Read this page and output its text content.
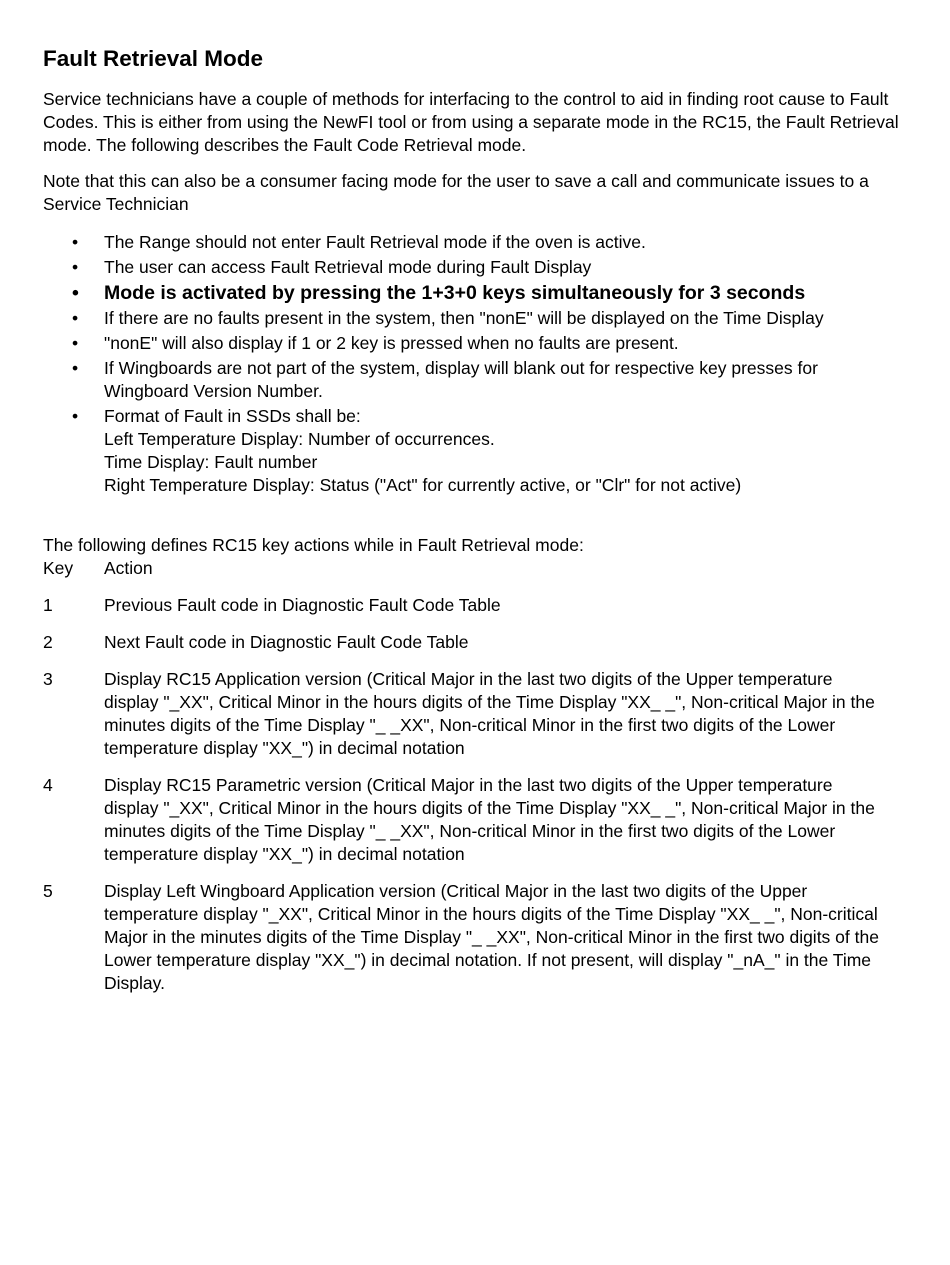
Fault Retrieval Mode

Service technicians have a couple of methods for interfacing to the control to aid in finding root cause to Fault Codes. This is either from using the NewFI tool or from using a separate mode in the RC15, the Fault Retrieval mode. The following describes the Fault Code Retrieval mode.

Note that this can also be a consumer facing mode for the user to save a call and communicate issues to a Service Technician

• The Range should not enter Fault Retrieval mode if the oven is active.
• The user can access Fault Retrieval mode during Fault Display
• Mode is activated by pressing the 1+3+0 keys simultaneously for 3 seconds
• If there are no faults present in the system, then "nonE" will be displayed on the Time Display
• "nonE" will also display if 1 or 2 key is pressed when no faults are present.
• If Wingboards are not part of the system, display will blank out for respective key presses for Wingboard Version Number.
• Format of Fault in SSDs shall be:
Left Temperature Display: Number of occurrences.
Time Display: Fault number
Right Temperature Display: Status ("Act" for currently active, or "Clr" for not active)

The following defines RC15 key actions while in Fault Retrieval mode:

Key	Action
1	Previous Fault code in Diagnostic Fault Code Table
2	Next Fault code in Diagnostic Fault Code Table
3	Display RC15 Application version (Critical Major in the last two digits of the Upper temperature
display "_XX", Critical Minor in the hours digits of the Time Display "XX_ _", Non-critical Major in the minutes digits of the Time Display "_ _XX", Non-critical Minor in the first two digits of the Lower temperature display "XX_") in decimal notation
4	Display RC15 Parametric version (Critical Major in the last two digits of the Upper temperature
display "_XX", Critical Minor in the hours digits of the Time Display "XX_ _", Non-critical Major in the minutes digits of the Time Display "_ _XX", Non-critical Minor in the first two digits of the Lower temperature display "XX_") in decimal notation
5	Display Left Wingboard Application version (Critical Major in the last two digits of the Upper
temperature display "_XX", Critical Minor in the hours digits of the Time Display "XX_ _", Non-critical Major in the minutes digits of the Time Display "_ _XX", Non-critical Minor in the first two digits of the Lower temperature display "XX_") in decimal notation. If not present, will display "_nA_" in the Time Display.
